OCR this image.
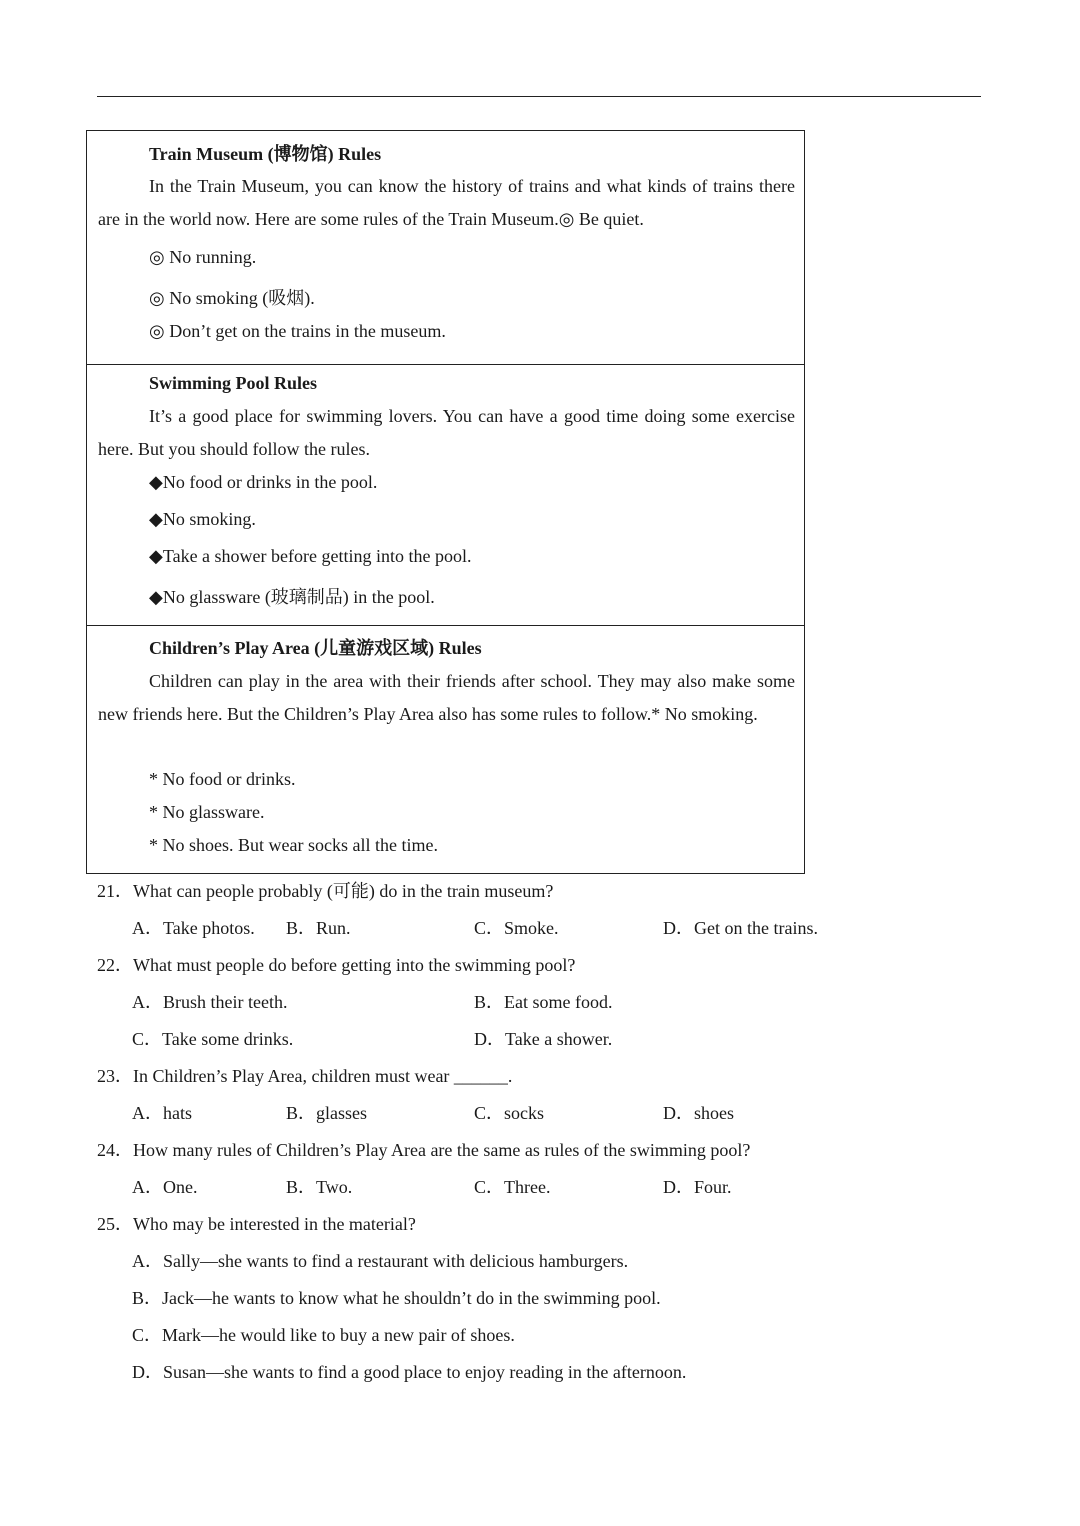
Train Museum (博物馆) Rules
In the Train Museum, you can know the history of trains and what kinds of trains there are in the world now. Here are some rules of the Train Museum.◎ Be quiet.
◎ No running.
◎ No smoking (吸烟).
◎ Don’t get on the trains in the museum.
Swimming Pool Rules
It’s a good place for swimming lovers. You can have a good time doing some exercise here. But you should follow the rules.
◆No food or drinks in the pool.
◆No smoking.
◆Take a shower before getting into the pool.
◆No glassware (玻璃制品) in the pool.
Children’s Play Area (儿童游戏区域) Rules
Children can play in the area with their friends after school. They may also make some new friends here. But the Children’s Play Area also has some rules to follow.* No smoking.
* No food or drinks.
* No glassware.
* No shoes. But wear socks all the time.
21．What can people probably (可能) do in the train museum?
A．Take photos. B．Run.	C．Smoke.	D．Get on the trains.
22．What must people do before getting into the swimming pool?
A．Brush their teeth.	B．Eat some food.
C．Take some drinks.	D．Take a shower.
23．In Children’s Play Area, children must wear ______.
A．hats	B．glasses	C．socks	D．shoes
24．How many rules of Children’s Play Area are the same as rules of the swimming pool?
A．One.	B．Two.	C．Three.	D．Four.
25．Who may be interested in the material?
A．Sally—she wants to find a restaurant with delicious hamburgers.
B．Jack—he wants to know what he shouldn’t do in the swimming pool.
C．Mark—he would like to buy a new pair of shoes.
D．Susan—she wants to find a good place to enjoy reading in the afternoon.
